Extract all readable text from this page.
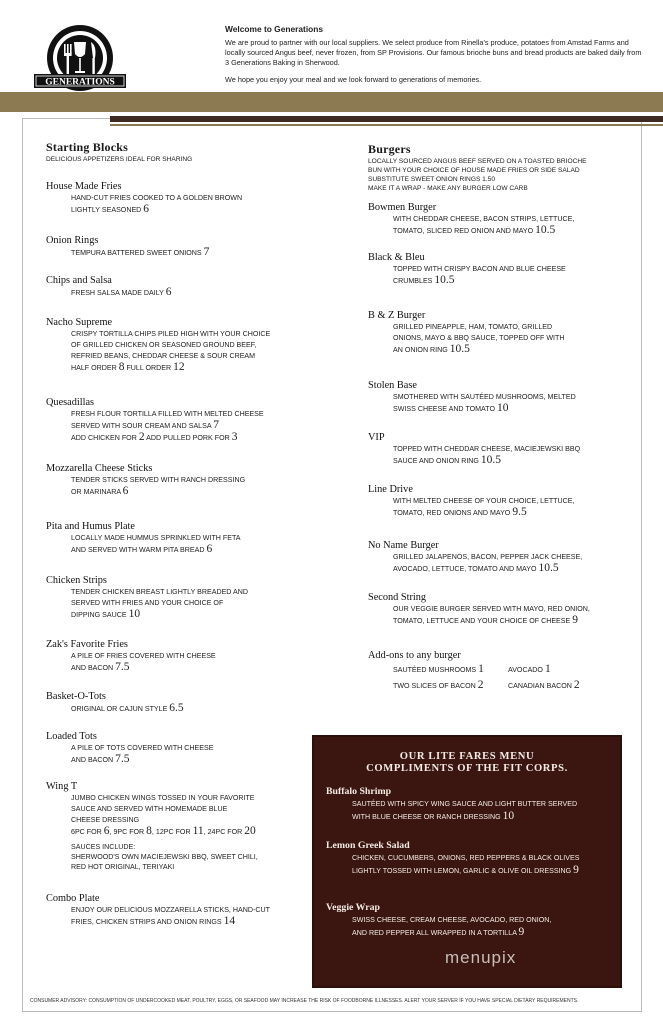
GENERATIONS
Welcome to Generations
We are proud to partner with our local suppliers. We select produce from Rinella's produce, potatoes from Amstad Farms and locally sourced Angus beef, never frozen, from SP Provisions. Our famous brioche buns and bread products are baked daily from 3 Generations Baking in Sherwood.
We hope you enjoy your meal and we look forward to generations of memories.
Starting Blocks
DELICIOUS APPETIZERS IDEAL FOR SHARING
House Made Fries
HAND-CUT FRIES COOKED TO A GOLDEN BROWN
LIGHTLY SEASONED 6
Onion Rings
TEMPURA BATTERED SWEET ONIONS 7
Chips and Salsa
FRESH SALSA MADE DAILY 6
Nacho Supreme
CRISPY TORTILLA CHIPS PILED HIGH WITH YOUR CHOICE
OF GRILLED CHICKEN OR SEASONED GROUND BEEF,
REFRIED BEANS, CHEDDAR CHEESE & SOUR CREAM
HALF ORDER 8 FULL ORDER 12
Quesadillas
FRESH FLOUR TORTILLA FILLED WITH MELTED CHEESE
SERVED WITH SOUR CREAM AND SALSA 7
ADD CHICKEN FOR 2 ADD PULLED PORK FOR 3
Mozzarella Cheese Sticks
TENDER STICKS SERVED WITH RANCH DRESSING
OR MARINARA 6
Pita and Humus Plate
LOCALLY MADE HUMMUS SPRINKLED WITH FETA
AND SERVED WITH WARM PITA BREAD 6
Chicken Strips
TENDER CHICKEN BREAST LIGHTLY BREADED AND
SERVED WITH FRIES AND YOUR CHOICE OF
DIPPING SAUCE 10
Zak's Favorite Fries
A PILE OF FRIES COVERED WITH CHEESE
AND BACON 7.5
Basket-O-Tots
ORIGINAL OR CAJUN STYLE 6.5
Loaded Tots
A PILE OF TOTS COVERED WITH CHEESE
AND BACON 7.5
Wing T
JUMBO CHICKEN WINGS TOSSED IN YOUR FAVORITE
SAUCE AND SERVED WITH HOMEMADE BLUE
CHEESE DRESSING
6PC FOR 6, 9PC FOR 8, 12PC FOR 11, 24PC FOR 20
SAUCES INCLUDE:
SHERWOOD'S OWN MACIEJEWSKI BBQ, SWEET CHILI,
RED HOT ORIGINAL, TERIYAKI
Combo Plate
ENJOY OUR DELICIOUS MOZZARELLA STICKS, HAND-CUT
FRIES, CHICKEN STRIPS AND ONION RINGS 14
Burgers
LOCALLY SOURCED ANGUS BEEF SERVED ON A TOASTED BRIOCHE
BUN WITH YOUR CHOICE OF HOUSE MADE FRIES OR SIDE SALAD
SUBSTITUTE SWEET ONION RINGS 1.50
MAKE IT A WRAP - MAKE ANY BURGER LOW CARB
Bowmen Burger
WITH CHEDDAR CHEESE, BACON STRIPS, LETTUCE,
TOMATO, SLICED RED ONION AND MAYO 10.5
Black & Bleu
TOPPED WITH CRISPY BACON AND BLUE CHEESE
CRUMBLES 10.5
B & Z Burger
GRILLED PINEAPPLE, HAM, TOMATO, GRILLED
ONIONS, MAYO & BBQ SAUCE, TOPPED OFF WITH
AN ONION RING 10.5
Stolen Base
SMOTHERED WITH SAUTÉED MUSHROOMS, MELTED
SWISS CHEESE AND TOMATO 10
VIP
TOPPED WITH CHEDDAR CHEESE, MACIEJEWSKI BBQ
SAUCE AND ONION RING 10.5
Line Drive
WITH MELTED CHEESE OF YOUR CHOICE, LETTUCE,
TOMATO, RED ONIONS AND MAYO 9.5
No Name Burger
GRILLED JALAPENOS, BACON, PEPPER JACK CHEESE,
AVOCADO, LETTUCE, TOMATO AND MAYO 10.5
Second String
OUR VEGGIE BURGER SERVED WITH MAYO, RED ONION,
TOMATO, LETTUCE AND YOUR CHOICE OF CHEESE 9
Add-ons to any burger
SAUTÉED MUSHROOMS 1	AVOCADO 1
TWO SLICES OF BACON 2	CANADIAN BACON 2
OUR LITE FARES MENU
COMPLIMENTS OF THE FIT CORPS.
Buffalo Shrimp
SAUTÉED WITH SPICY WING SAUCE AND LIGHT BUTTER SERVED
WITH BLUE CHEESE OR RANCH DRESSING 10
Lemon Greek Salad
CHICKEN, CUCUMBERS, ONIONS, RED PEPPERS & BLACK OLIVES
LIGHTLY TOSSED WITH LEMON, GARLIC & OLIVE OIL DRESSING 9
Veggie Wrap
SWISS CHEESE, CREAM CHEESE, AVOCADO, RED ONION,
AND RED PEPPER ALL WRAPPED IN A TORTILLA 9
menupix
CONSUMER ADVISORY: CONSUMPTION OF UNDERCOOKED MEAT, POULTRY, EGGS, OR SEAFOOD MAY INCREASE THE RISK OF FOODBORNE ILLNESSES. ALERT YOUR SERVER IF YOU HAVE SPECIAL DIETARY REQUIREMENTS.
